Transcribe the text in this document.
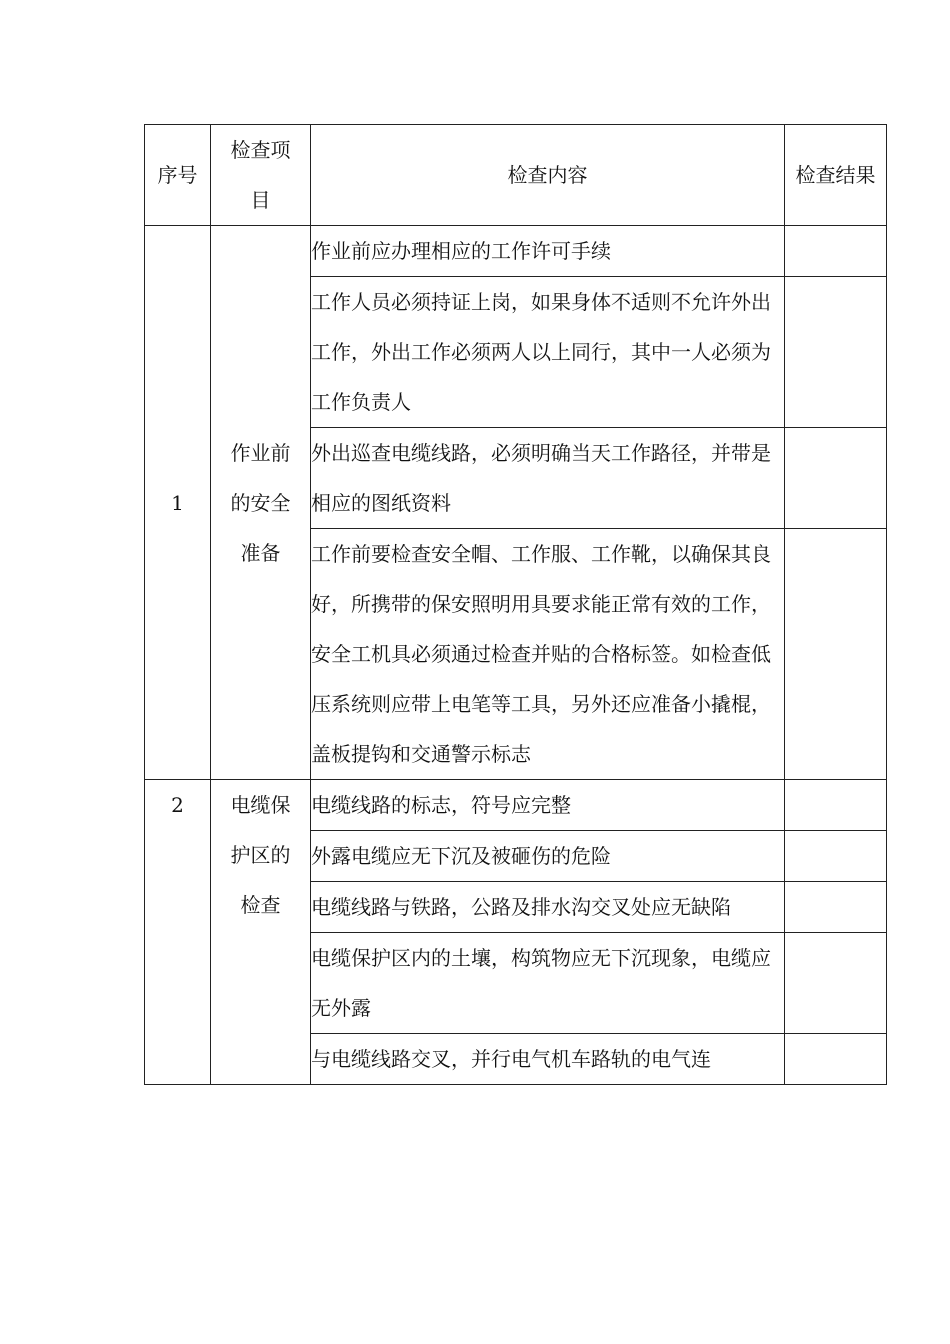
序号	检查项目	检查内容	检查结果
1	作业前的安全准备	作业前应办理相应的工作许可手续	
		工作人员必须持证上岗，如果身体不适则不允许外出工作，外出工作必须两人以上同行，其中一人必须为工作负责人	
		外出巡查电缆线路，必须明确当天工作路径，并带是相应的图纸资料	
		工作前要检查安全帽、工作服、工作靴，以确保其良好，所携带的保安照明用具要求能正常有效的工作，安全工机具必须通过检查并贴的合格标签。如检查低压系统则应带上电笔等工具，另外还应准备小撬棍，盖板提钩和交通警示标志	
2	电缆保护区的检查	电缆线路的标志，符号应完整	
		外露电缆应无下沉及被砸伤的危险	
		电缆线路与铁路，公路及排水沟交叉处应无缺陷	
		电缆保护区内的土壤，构筑物应无下沉现象，电缆应无外露	
		与电缆线路交叉，并行电气机车路轨的电气连	
